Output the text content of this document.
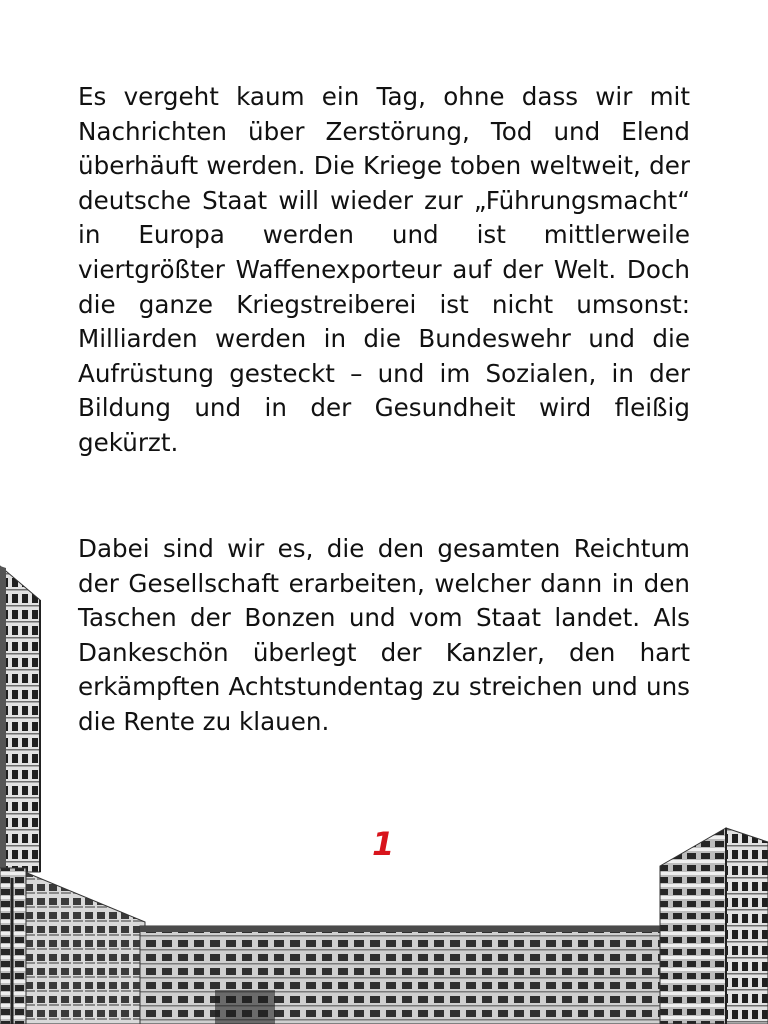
Es vergeht kaum ein Tag, ohne dass wir mit Nachrichten über Zerstörung, Tod und Elend überhäuft werden. Die Kriege toben weltweit, der deutsche Staat will wieder zur „Führungsmacht“ in Europa werden und ist mittlerweile viertgrößter Waffenexporteur auf der Welt. Doch die ganze Kriegstreiberei ist nicht umsonst: Milliarden werden in die Bundeswehr und die Aufrüstung gesteckt – und im Sozialen, in der Bildung und in der Gesundheit wird fleißig gekürzt.

Dabei sind wir es, die den gesamten Reichtum der Gesellschaft erarbeiten, welcher dann in den Taschen der Bonzen und vom Staat landet. Als Dankeschön überlegt der Kanzler, den hart erkämpften Achtstundentag zu streichen und uns die Rente zu klauen.

1
